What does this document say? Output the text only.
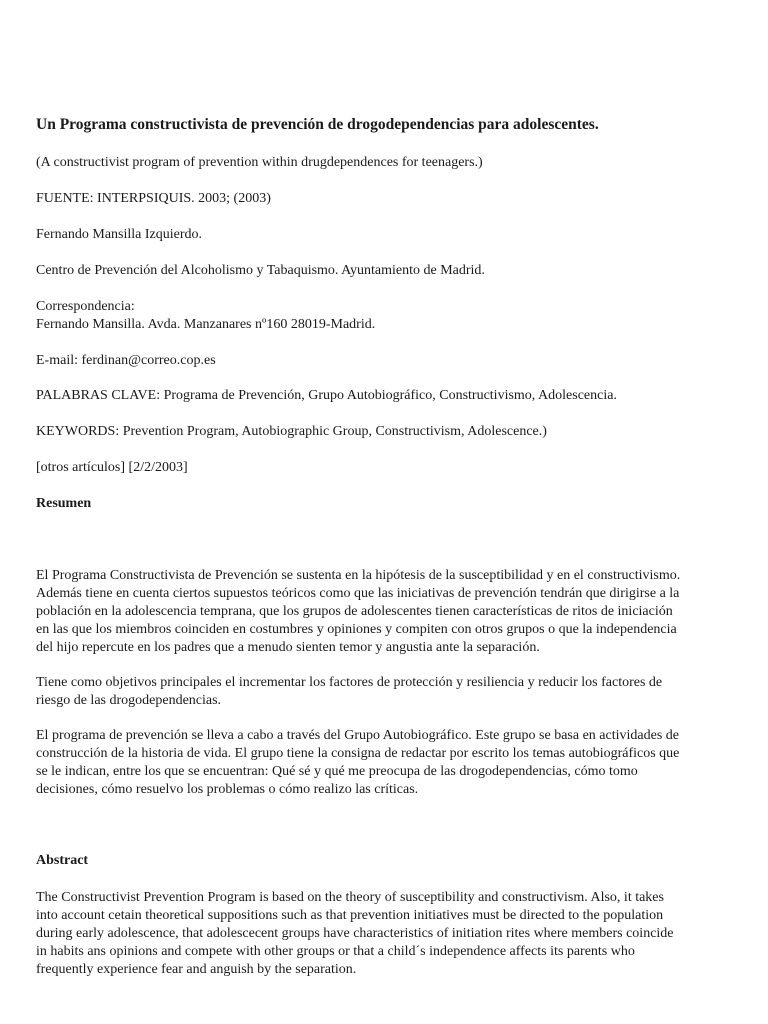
Un Programa constructivista de prevención de drogodependencias para adolescentes.

(A constructivist program of prevention within drugdependences for teenagers.)

FUENTE: INTERPSIQUIS. 2003; (2003)

Fernando Mansilla Izquierdo.

Centro de Prevención del Alcoholismo y Tabaquismo. Ayuntamiento de Madrid.

Correspondencia:

Fernando Mansilla. Avda. Manzanares nº160 28019-Madrid.

E-mail: ferdinan@correo.cop.es

PALABRAS CLAVE: Programa de Prevención, Grupo Autobiográfico, Constructivismo, Adolescencia.

KEYWORDS: Prevention Program, Autobiographic Group, Constructivism, Adolescence.)

[otros artículos] [2/2/2003]

Resumen
El Programa Constructivista de Prevención se sustenta en la hipótesis de la susceptibilidad y en el constructivismo.
Además tiene en cuenta ciertos supuestos teóricos como que las iniciativas de prevención tendrán que dirigirse a la
población en la adolescencia temprana, que los grupos de adolescentes tienen características de ritos de iniciación
en las que los miembros coinciden en costumbres y opiniones y compiten con otros grupos o que la independencia
del hijo repercute en los padres que a menudo sienten temor y angustia ante la separación.
Tiene como objetivos principales el incrementar los factores de protección y resiliencia y reducir los factores de
riesgo de las drogodependencias.
El programa de prevención se lleva a cabo a través del Grupo Autobiográfico. Este grupo se basa en actividades de
construcción de la historia de vida. El grupo tiene la consigna de redactar por escrito los temas autobiográficos que
se le indican, entre los que se encuentran: Qué sé y qué me preocupa de las drogodependencias, cómo tomo
decisiones, cómo resuelvo los problemas o cómo realizo las críticas.
Abstract
The Constructivist Prevention Program is based on the theory of susceptibility and constructivism. Also, it takes
into account cetain theoretical suppositions such as that prevention initiatives must be directed to the population
during early adolescence, that adolescecent groups have characteristics of initiation rites where members coincide
in habits ans opinions and compete with other groups or that a child´s independence affects its parents who
frequently experience fear and anguish by the separation.
